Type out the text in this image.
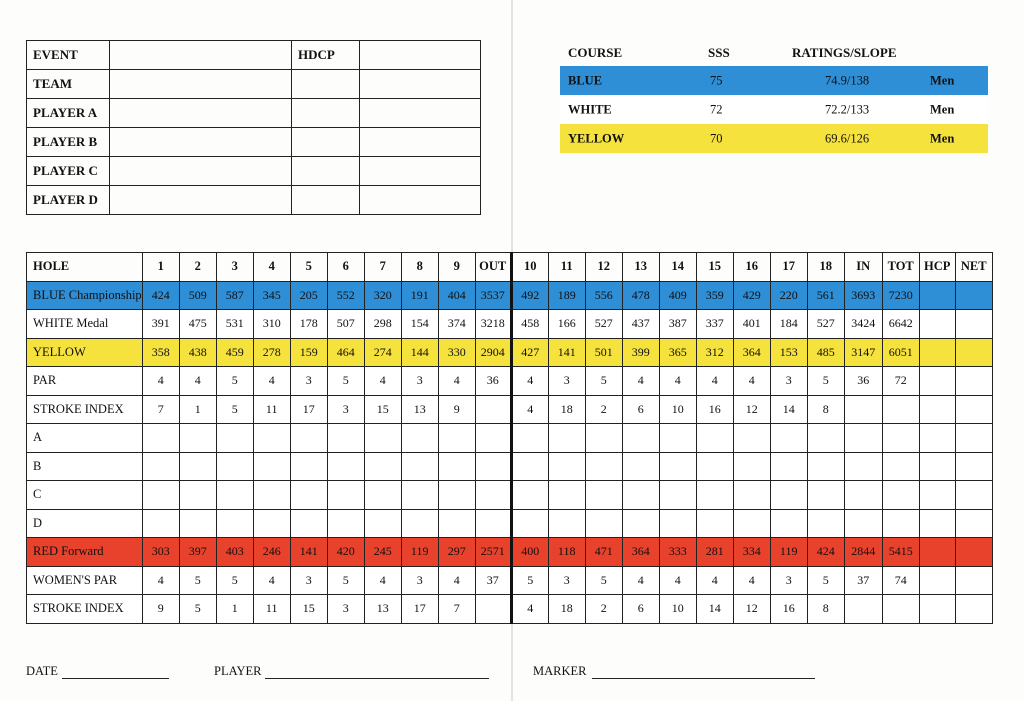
EVENT		HDCP	
TEAM			
PLAYER A			
PLAYER B			
PLAYER C			
PLAYER D			
COURSE	SSS	RATINGS/SLOPE
BLUE	75	74.9/138	Men
WHITE	72	72.2/133	Men
YELLOW	70	69.6/126	Men
HOLE	1	2	3	4	5	6	7	8	9	OUT	10	11	12	13	14	15	16	17	18	IN	TOT	HCP	NET
BLUE Championship	424	509	587	345	205	552	320	191	404	3537	492	189	556	478	409	359	429	220	561	3693	7230		
WHITE Medal	391	475	531	310	178	507	298	154	374	3218	458	166	527	437	387	337	401	184	527	3424	6642		
YELLOW	358	438	459	278	159	464	274	144	330	2904	427	141	501	399	365	312	364	153	485	3147	6051		
PAR	4	4	5	4	3	5	4	3	4	36	4	3	5	4	4	4	4	3	5	36	72		
STROKE INDEX	7	1	5	11	17	3	15	13	9		4	18	2	6	10	16	12	14	8				
A																							
B																							
C																							
D																							
RED Forward	303	397	403	246	141	420	245	119	297	2571	400	118	471	364	333	281	334	119	424	2844	5415		
WOMEN'S PAR	4	5	5	4	3	5	4	3	4	37	5	3	5	4	4	4	4	3	5	37	74		
STROKE INDEX	9	5	1	11	15	3	13	17	7		4	18	2	6	10	14	12	16	8				
DATE	PLAYER	MARKER
